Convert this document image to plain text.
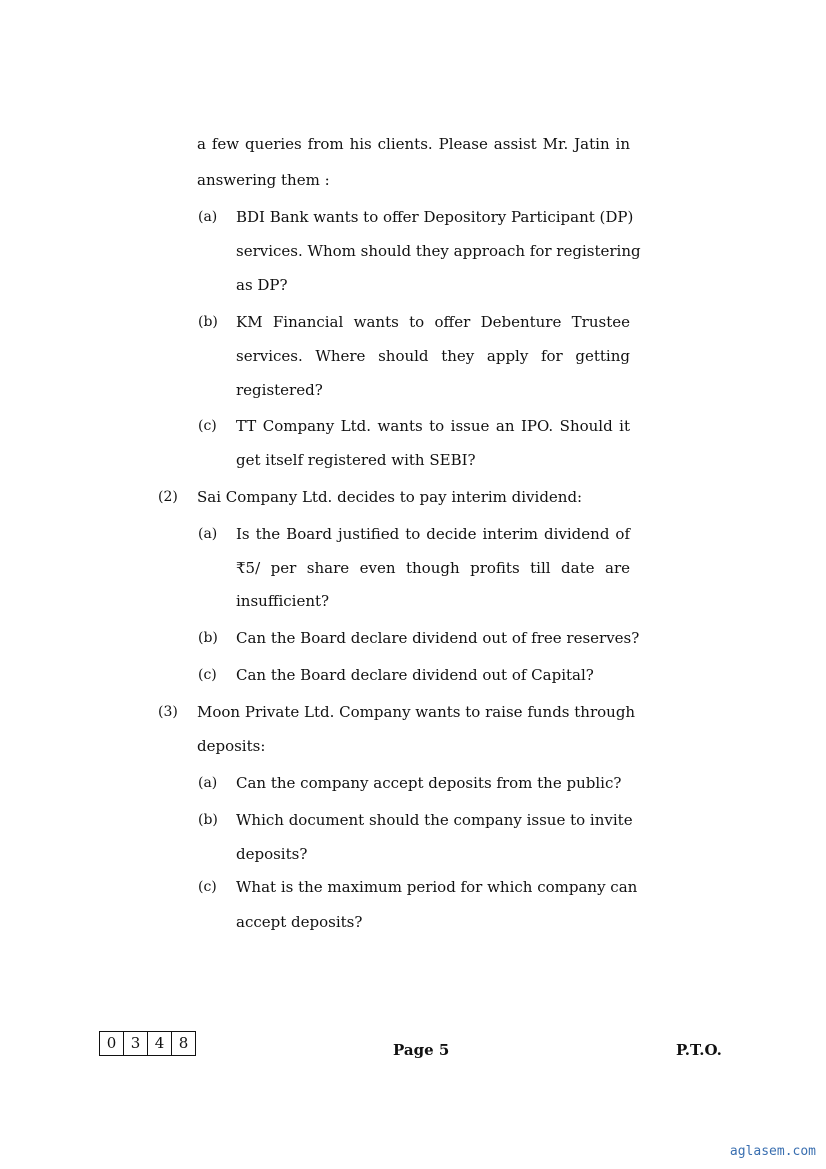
a few queries from his clients. Please assist Mr. Jatin in
answering them :
(a) BDI Bank wants to offer Depository Participant (DP)
services. Whom should they approach for registering
as DP?
(b) KM Financial wants to offer Debenture Trustee
services. Where should they apply for getting
registered?
(c) TT Company Ltd. wants to issue an IPO. Should it
get itself registered with SEBI?
(2) Sai Company Ltd. decides to pay interim dividend:
(a) Is the Board justified to decide interim dividend of
₹5/ per share even though profits till date are
insufficient?
(b) Can the Board declare dividend out of free reserves?
(c) Can the Board declare dividend out of Capital?
(3) Moon Private Ltd. Company wants to raise funds through
deposits:
(a) Can the company accept deposits from the public?
(b) Which document should the company issue to invite
deposits?
(c) What is the maximum period for which company can
accept deposits?
0 3 4 8	Page 5	P.T.O.
aglasem.com
